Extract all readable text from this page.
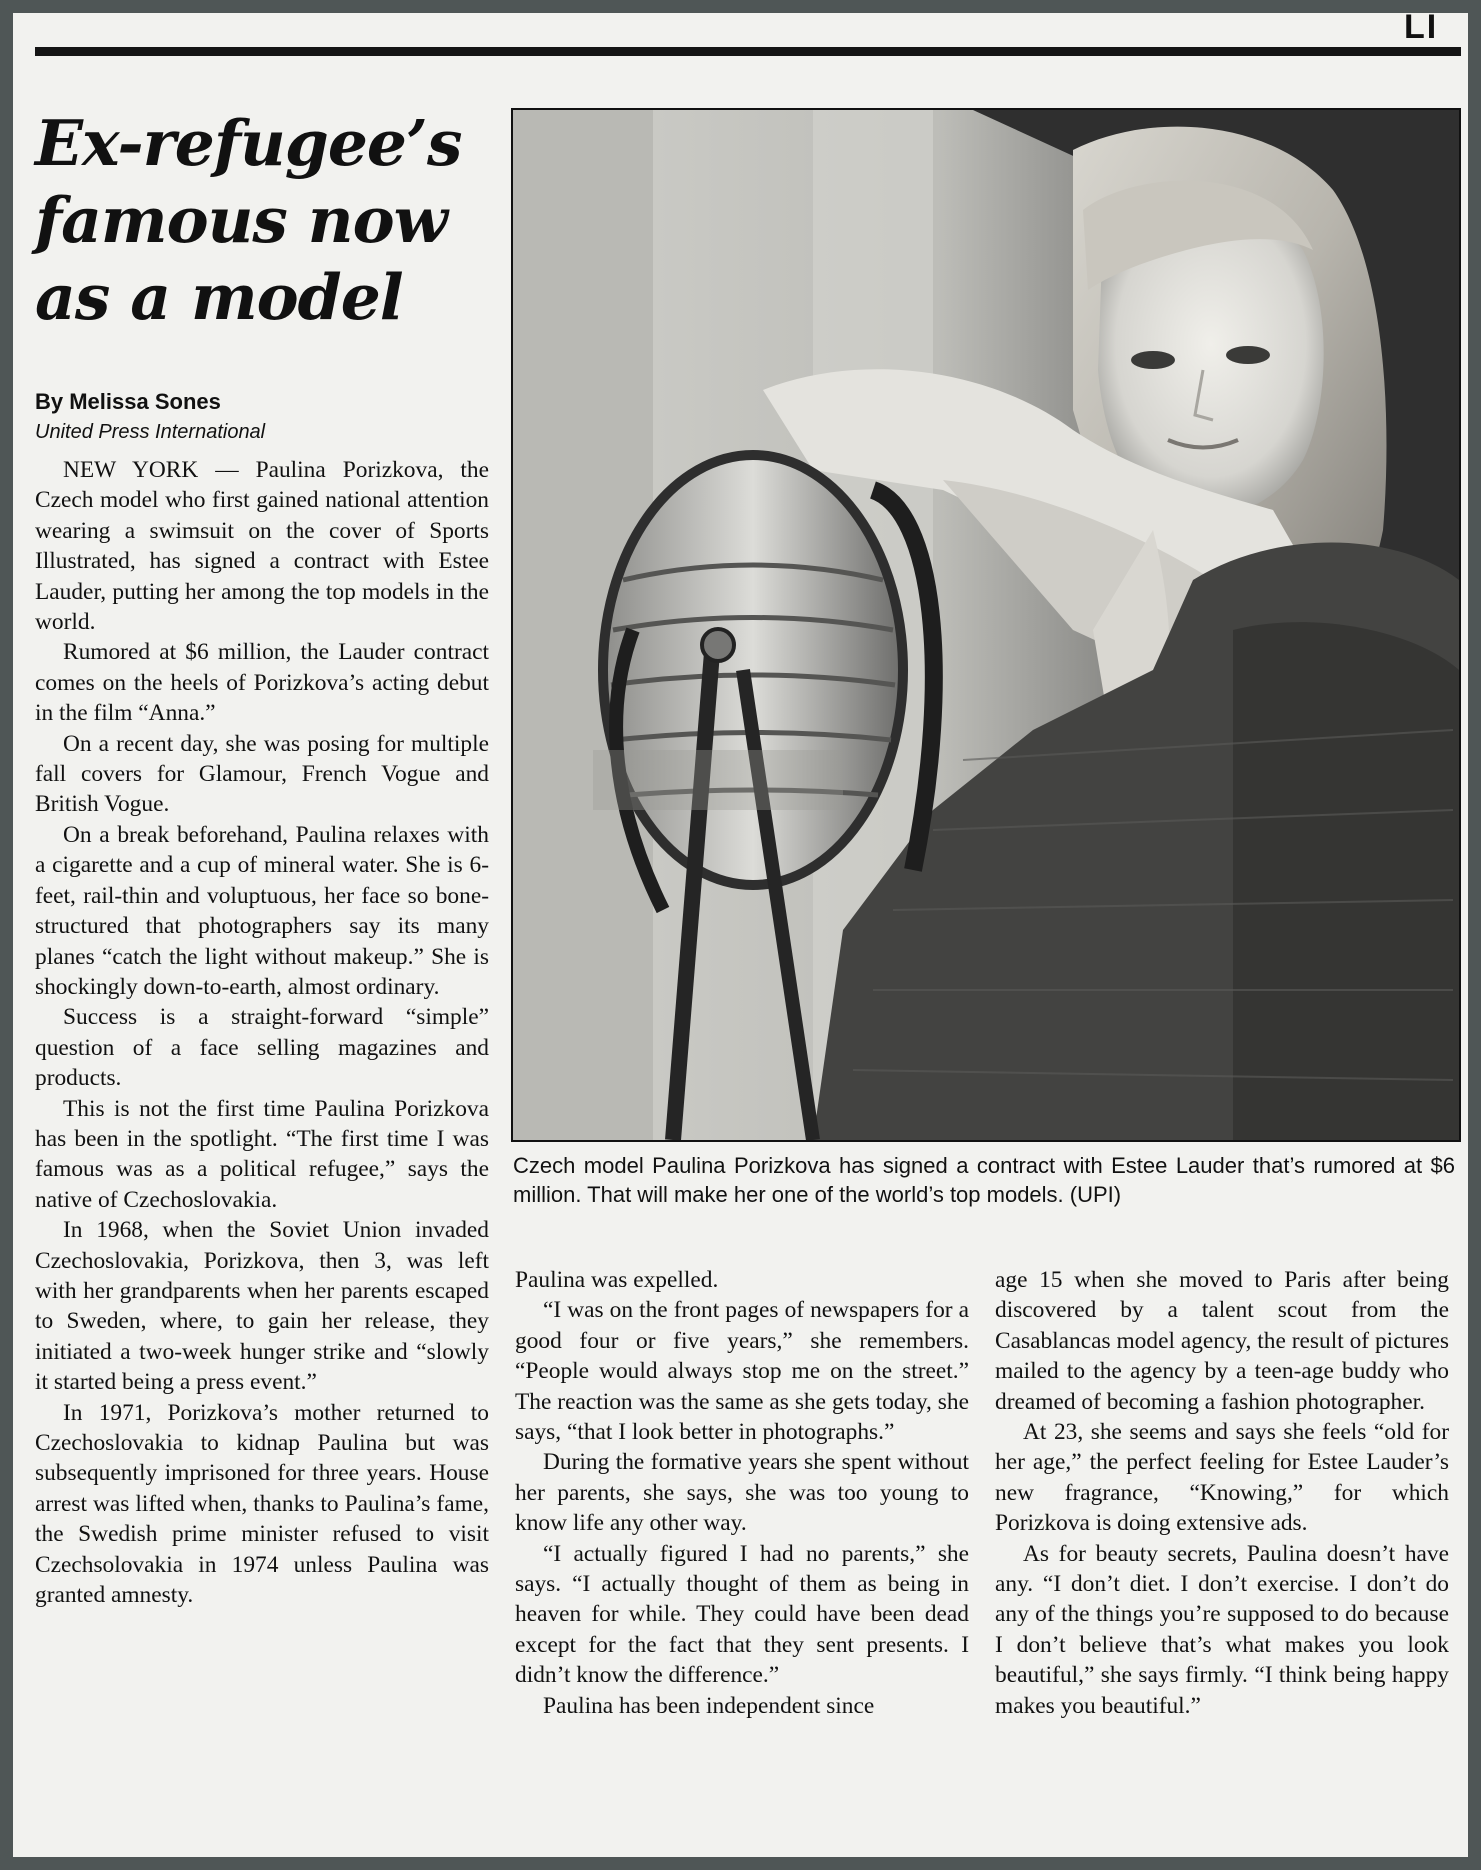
LI
Ex-refugee’s
famous now
as a model
By Melissa Sones
United Press International

NEW YORK — Paulina Porizkova, the Czech model who first gained national attention wearing a swimsuit on the cover of Sports Illustrated, has signed a contract with Estee Lauder, putting her among the top models in the world.

Rumored at $6 million, the Lauder contract comes on the heels of Porizkova’s acting debut in the film “Anna.”

On a recent day, she was posing for multiple fall covers for Glamour, French Vogue and British Vogue.

On a break beforehand, Paulina relaxes with a cigarette and a cup of mineral water. She is 6-feet, rail-thin and voluptuous, her face so bone-structured that photographers say its many planes “catch the light without makeup.” She is shockingly down-to-earth, almost ordinary.

Success is a straight-forward “simple” question of a face selling magazines and products.

This is not the first time Paulina Porizkova has been in the spotlight. “The first time I was famous was as a political refugee,” says the native of Czechoslovakia.

In 1968, when the Soviet Union invaded Czechoslovakia, Porizkova, then 3, was left with her grandparents when her parents escaped to Sweden, where, to gain her release, they initiated a two-week hunger strike and “slowly it started being a press event.”

In 1971, Porizkova’s mother returned to Czechoslovakia to kidnap Paulina but was subsequently imprisoned for three years. House arrest was lifted when, thanks to Paulina’s fame, the Swedish prime minister refused to visit Czechsolovakia in 1974 unless Paulina was granted amnesty.

Czech model Paulina Porizkova has signed a contract with Estee Lauder that’s rumored at $6 million. That will make her one of the world’s top models. (UPI)

Paulina was expelled.

“I was on the front pages of newspapers for a good four or five years,” she remembers. “People would always stop me on the street.” The reaction was the same as she gets today, she says, “that I look better in photographs.”

During the formative years she spent without her parents, she says, she was too young to know life any other way.

“I actually figured I had no parents,” she says. “I actually thought of them as being in heaven for while. They could have been dead except for the fact that they sent presents. I didn’t know the difference.”

Paulina has been independent since

age 15 when she moved to Paris after being discovered by a talent scout from the Casablancas model agency, the result of pictures mailed to the agency by a teen-age buddy who dreamed of becoming a fashion photographer.

At 23, she seems and says she feels “old for her age,” the perfect feeling for Estee Lauder’s new fragrance, “Knowing,” for which Porizkova is doing extensive ads.

As for beauty secrets, Paulina doesn’t have any. “I don’t diet. I don’t exercise. I don’t do any of the things you’re supposed to do because I don’t believe that’s what makes you look beautiful,” she says firmly. “I think being happy makes you beautiful.”
